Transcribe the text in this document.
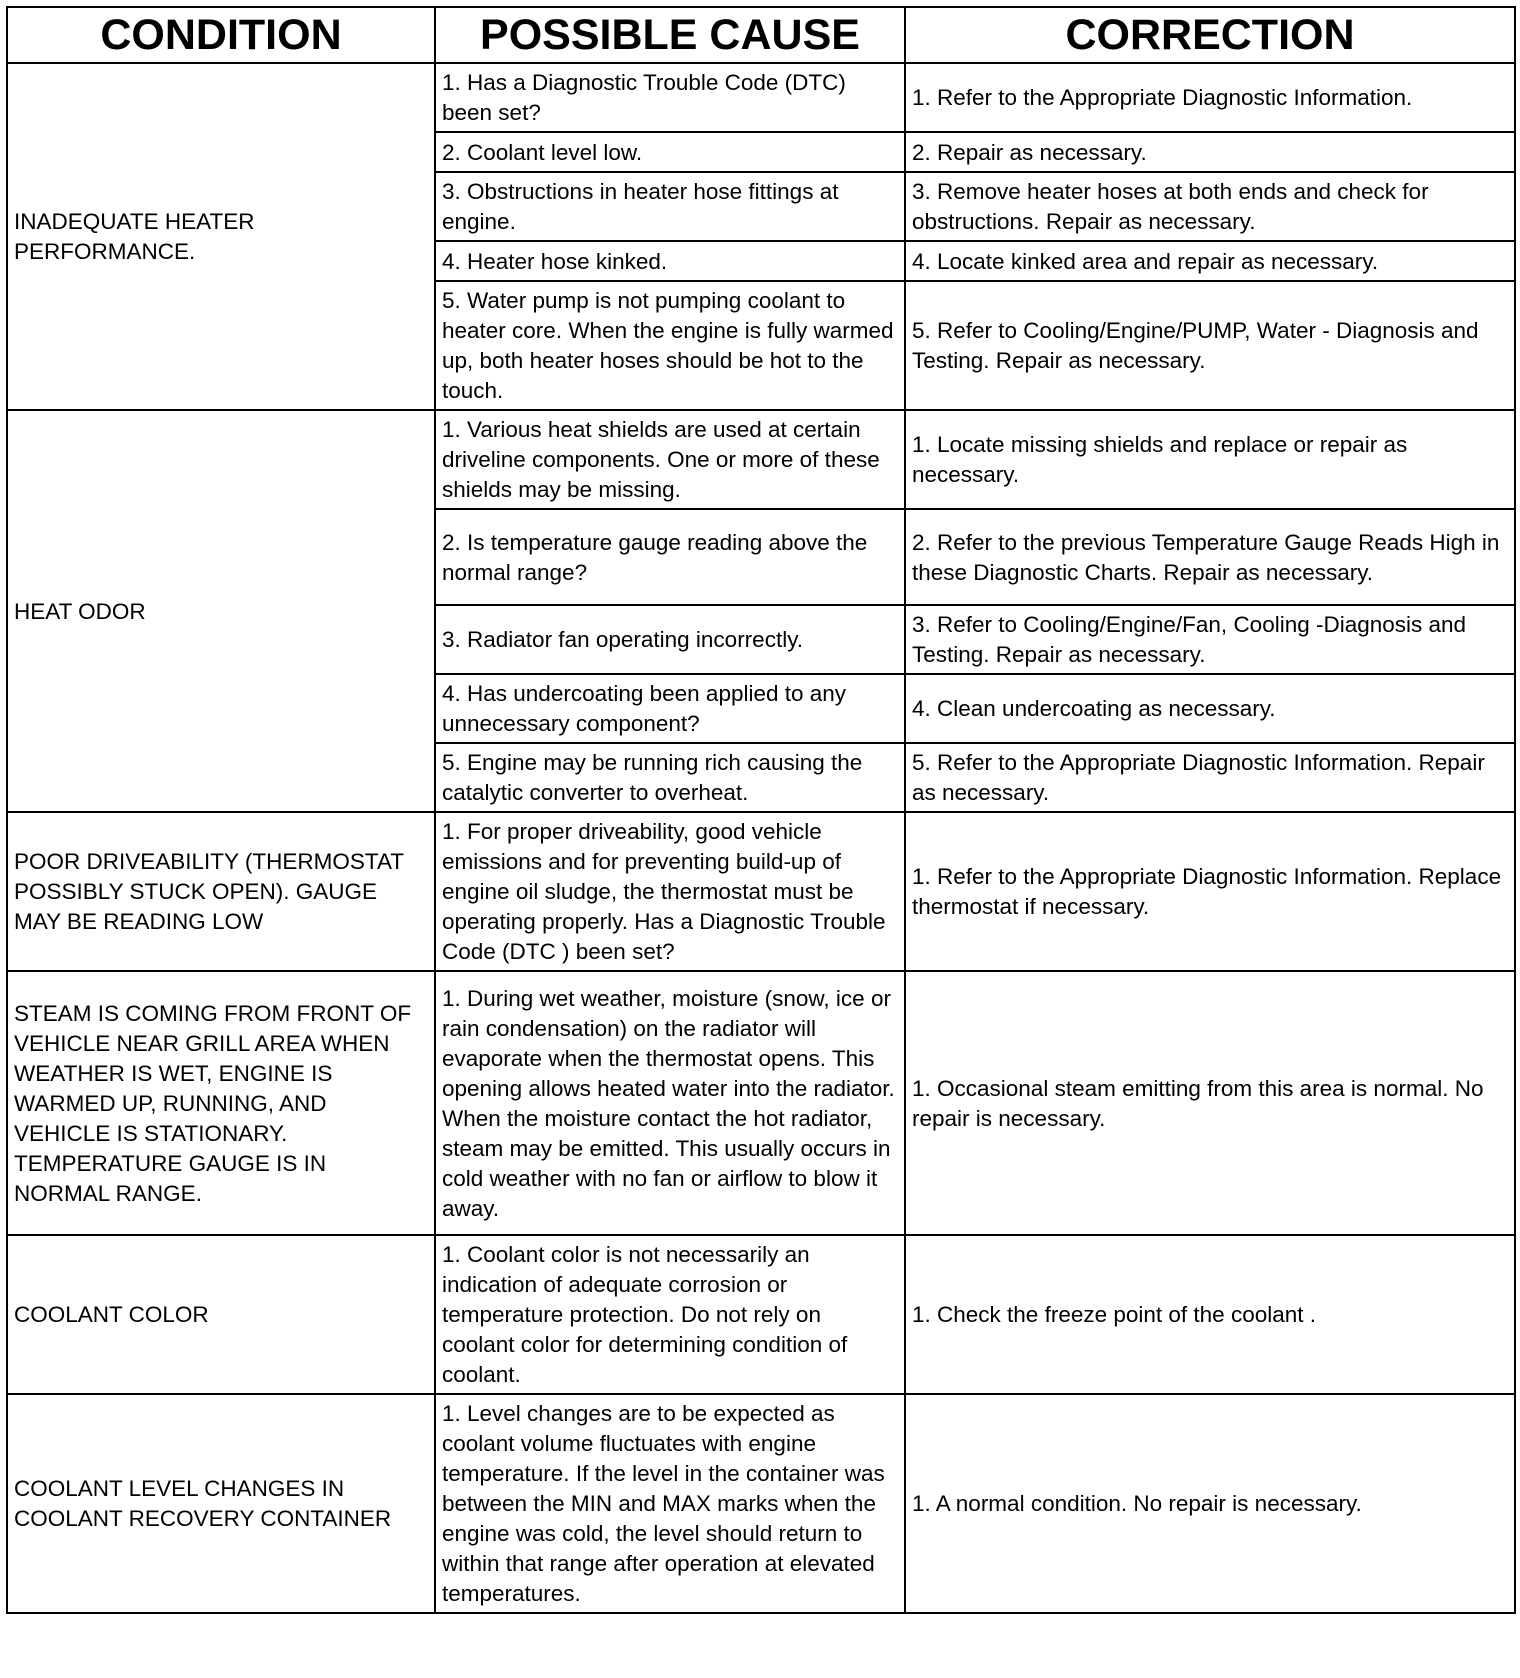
CONDITION	POSSIBLE CAUSE	CORRECTION
INADEQUATE HEATER PERFORMANCE.	1. Has a Diagnostic Trouble Code (DTC) been set?	1. Refer to the Appropriate Diagnostic Information.
	2. Coolant level low.	2. Repair as necessary.
	3. Obstructions in heater hose fittings at engine.	3. Remove heater hoses at both ends and check for obstructions. Repair as necessary.
	4. Heater hose kinked.	4. Locate kinked area and repair as necessary.
	5. Water pump is not pumping coolant to heater core. When the engine is fully warmed up, both heater hoses should be hot to the touch.	5. Refer to Cooling/Engine/PUMP, Water - Diagnosis and Testing. Repair as necessary.
HEAT ODOR	1. Various heat shields are used at certain driveline components. One or more of these shields may be missing.	1. Locate missing shields and replace or repair as necessary.
	2. Is temperature gauge reading above the normal range?	2. Refer to the previous Temperature Gauge Reads High in these Diagnostic Charts. Repair as necessary.
	3. Radiator fan operating incorrectly.	3. Refer to Cooling/Engine/Fan, Cooling -Diagnosis and Testing. Repair as necessary.
	4. Has undercoating been applied to any unnecessary component?	4. Clean undercoating as necessary.
	5. Engine may be running rich causing the catalytic converter to overheat.	5. Refer to the Appropriate Diagnostic Information. Repair as necessary.
POOR DRIVEABILITY (THERMOSTAT POSSIBLY STUCK OPEN). GAUGE MAY BE READING LOW	1. For proper driveability, good vehicle emissions and for preventing build-up of engine oil sludge, the thermostat must be operating properly. Has a Diagnostic Trouble Code (DTC ) been set?	1. Refer to the Appropriate Diagnostic Information. Replace thermostat if necessary.
STEAM IS COMING FROM FRONT OF VEHICLE NEAR GRILL AREA WHEN WEATHER IS WET, ENGINE IS WARMED UP, RUNNING, AND VEHICLE IS STATIONARY. TEMPERATURE GAUGE IS IN NORMAL RANGE.	1. During wet weather, moisture (snow, ice or rain condensation) on the radiator will evaporate when the thermostat opens. This opening allows heated water into the radiator. When the moisture contact the hot radiator, steam may be emitted. This usually occurs in cold weather with no fan or airflow to blow it away.	1. Occasional steam emitting from this area is normal. No repair is necessary.
COOLANT COLOR	1. Coolant color is not necessarily an indication of adequate corrosion or temperature protection. Do not rely on coolant color for determining condition of coolant.	1. Check the freeze point of the coolant .
COOLANT LEVEL CHANGES IN COOLANT RECOVERY CONTAINER	1. Level changes are to be expected as coolant volume fluctuates with engine temperature. If the level in the container was between the MIN and MAX marks when the engine was cold, the level should return to within that range after operation at elevated temperatures.	1. A normal condition. No repair is necessary.
